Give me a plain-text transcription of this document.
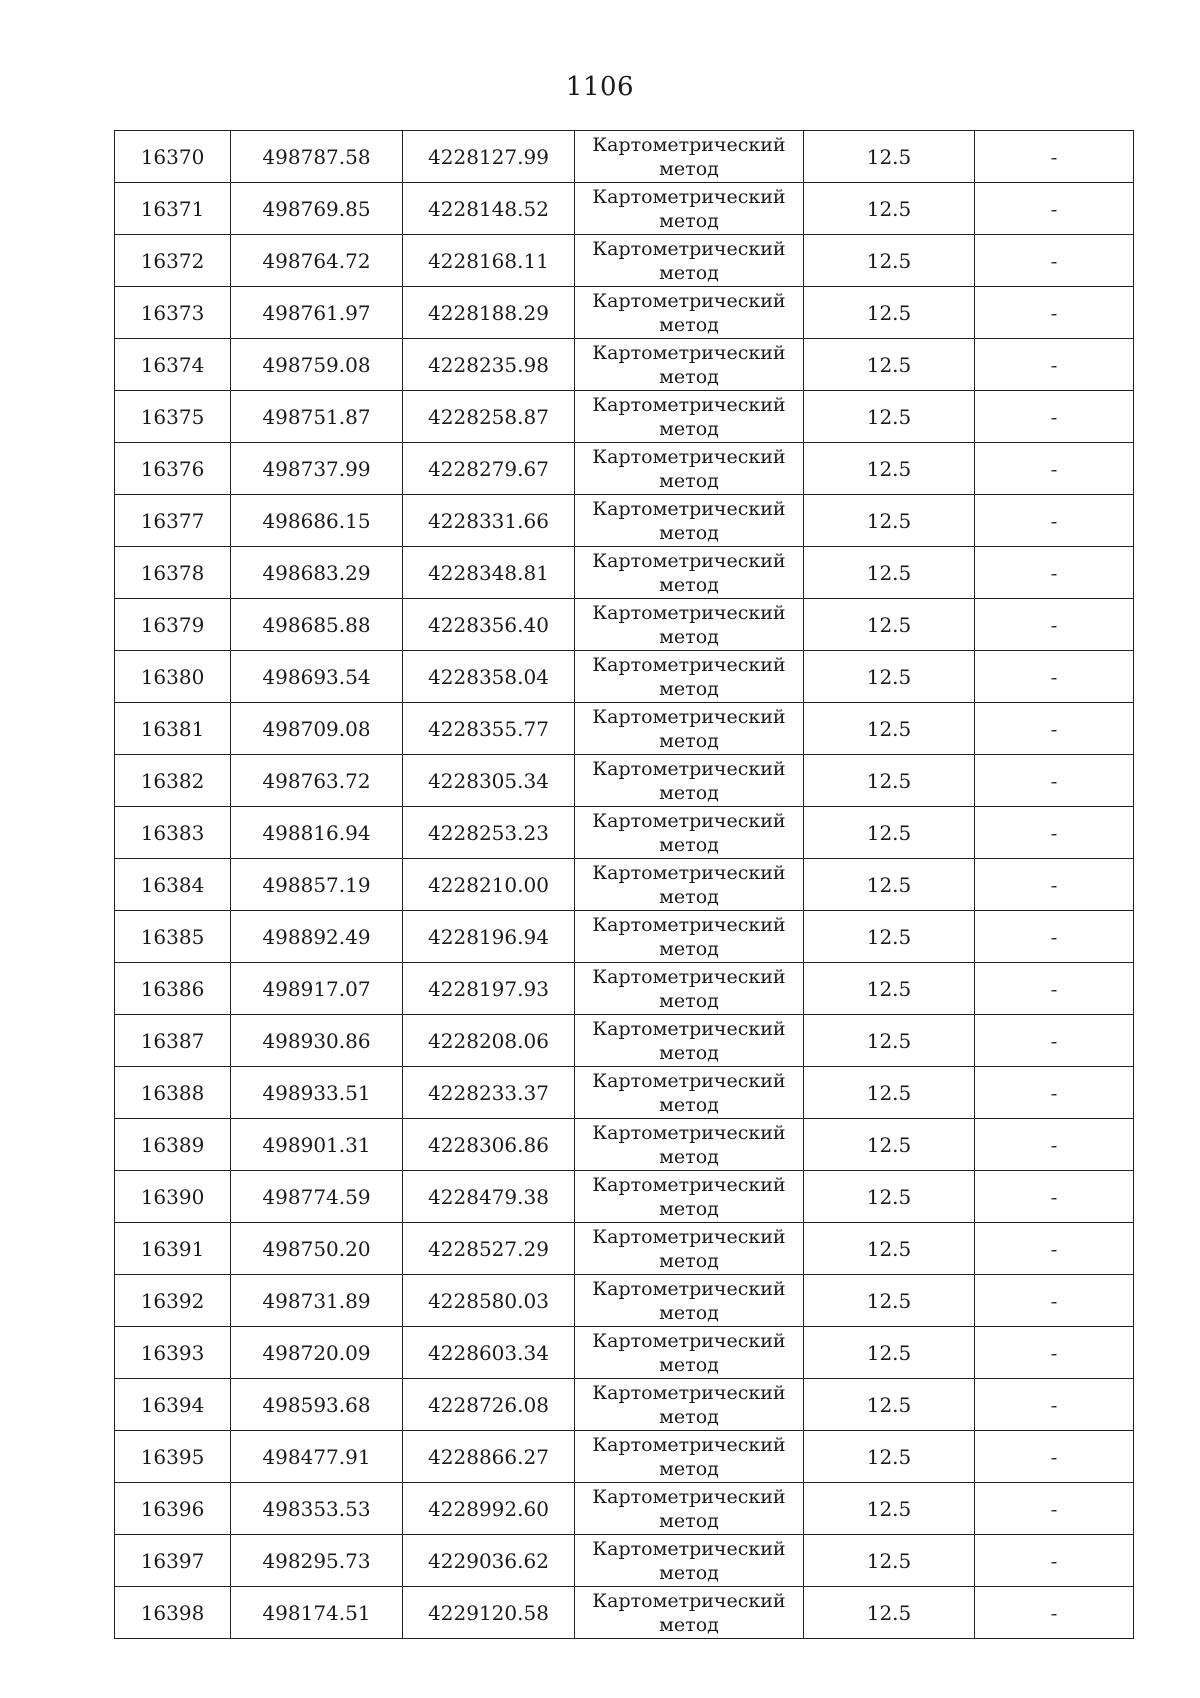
1106
16370	498787.58	4228127.99	Картометрический
метод	12.5	-
16371	498769.85	4228148.52	Картометрический
метод	12.5	-
16372	498764.72	4228168.11	Картометрический
метод	12.5	-
16373	498761.97	4228188.29	Картометрический
метод	12.5	-
16374	498759.08	4228235.98	Картометрический
метод	12.5	-
16375	498751.87	4228258.87	Картометрический
метод	12.5	-
16376	498737.99	4228279.67	Картометрический
метод	12.5	-
16377	498686.15	4228331.66	Картометрический
метод	12.5	-
16378	498683.29	4228348.81	Картометрический
метод	12.5	-
16379	498685.88	4228356.40	Картометрический
метод	12.5	-
16380	498693.54	4228358.04	Картометрический
метод	12.5	-
16381	498709.08	4228355.77	Картометрический
метод	12.5	-
16382	498763.72	4228305.34	Картометрический
метод	12.5	-
16383	498816.94	4228253.23	Картометрический
метод	12.5	-
16384	498857.19	4228210.00	Картометрический
метод	12.5	-
16385	498892.49	4228196.94	Картометрический
метод	12.5	-
16386	498917.07	4228197.93	Картометрический
метод	12.5	-
16387	498930.86	4228208.06	Картометрический
метод	12.5	-
16388	498933.51	4228233.37	Картометрический
метод	12.5	-
16389	498901.31	4228306.86	Картометрический
метод	12.5	-
16390	498774.59	4228479.38	Картометрический
метод	12.5	-
16391	498750.20	4228527.29	Картометрический
метод	12.5	-
16392	498731.89	4228580.03	Картометрический
метод	12.5	-
16393	498720.09	4228603.34	Картометрический
метод	12.5	-
16394	498593.68	4228726.08	Картометрический
метод	12.5	-
16395	498477.91	4228866.27	Картометрический
метод	12.5	-
16396	498353.53	4228992.60	Картометрический
метод	12.5	-
16397	498295.73	4229036.62	Картометрический
метод	12.5	-
16398	498174.51	4229120.58	Картометрический
метод	12.5	-
